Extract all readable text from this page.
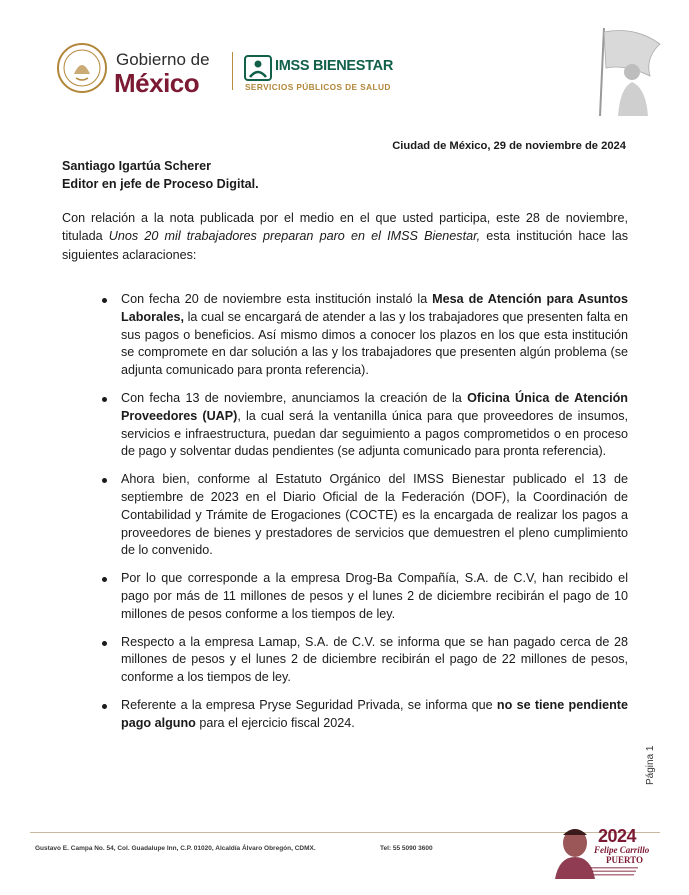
Gobierno de
México
IMSS BIENESTAR
SERVICIOS PÚBLICOS DE SALUD
Ciudad de México, 29 de noviembre de 2024
Santiago Igartúa Scherer
Editor en jefe de Proceso Digital.

Con relación a la nota publicada por el medio en el que usted participa, este 28 de noviembre, titulada Unos 20 mil trabajadores preparan paro en el IMSS Bienestar, esta institución hace las siguientes aclaraciones:

Con fecha 20 de noviembre esta institución instaló la Mesa de Atención para Asuntos Laborales, la cual se encargará de atender a las y los trabajadores que presenten falta en sus pagos o beneficios. Así mismo dimos a conocer los plazos en los que esta institución se compromete en dar solución a las y los trabajadores que presenten algún problema (se adjunta comunicado para pronta referencia).
Con fecha 13 de noviembre, anunciamos la creación de la Oficina Única de Atención Proveedores (UAP), la cual será la ventanilla única para que proveedores de insumos, servicios e infraestructura, puedan dar seguimiento a pagos comprometidos o en proceso de pago y solventar dudas pendientes (se adjunta comunicado para pronta referencia).
Ahora bien, conforme al Estatuto Orgánico del IMSS Bienestar publicado el 13 de septiembre de 2023 en el Diario Oficial de la Federación (DOF), la Coordinación de Contabilidad y Trámite de Erogaciones (COCTE) es la encargada de realizar los pagos a proveedores de bienes y prestadores de servicios que demuestren el pleno cumplimiento de lo convenido.
Por lo que corresponde a la empresa Drog-Ba Compañía, S.A. de C.V, han recibido el pago por más de 11 millones de pesos y el lunes 2 de diciembre recibirán el pago de 10 millones de pesos conforme a los tiempos de ley.
Respecto a la empresa Lamap, S.A. de C.V. se informa que se han pagado cerca de 28 millones de pesos y el lunes 2 de diciembre recibirán el pago de 22 millones de pesos, conforme a los tiempos de ley.
Referente a la empresa Pryse Seguridad Privada, se informa que no se tiene pendiente pago alguno para el ejercicio fiscal 2024.
Página 1
Gustavo E. Campa No. 54, Col. Guadalupe Inn, C.P. 01020, Alcaldía Álvaro Obregón, CDMX.	Tel: 55 5090 3600
2024
Felipe Carrillo
PUERTO
